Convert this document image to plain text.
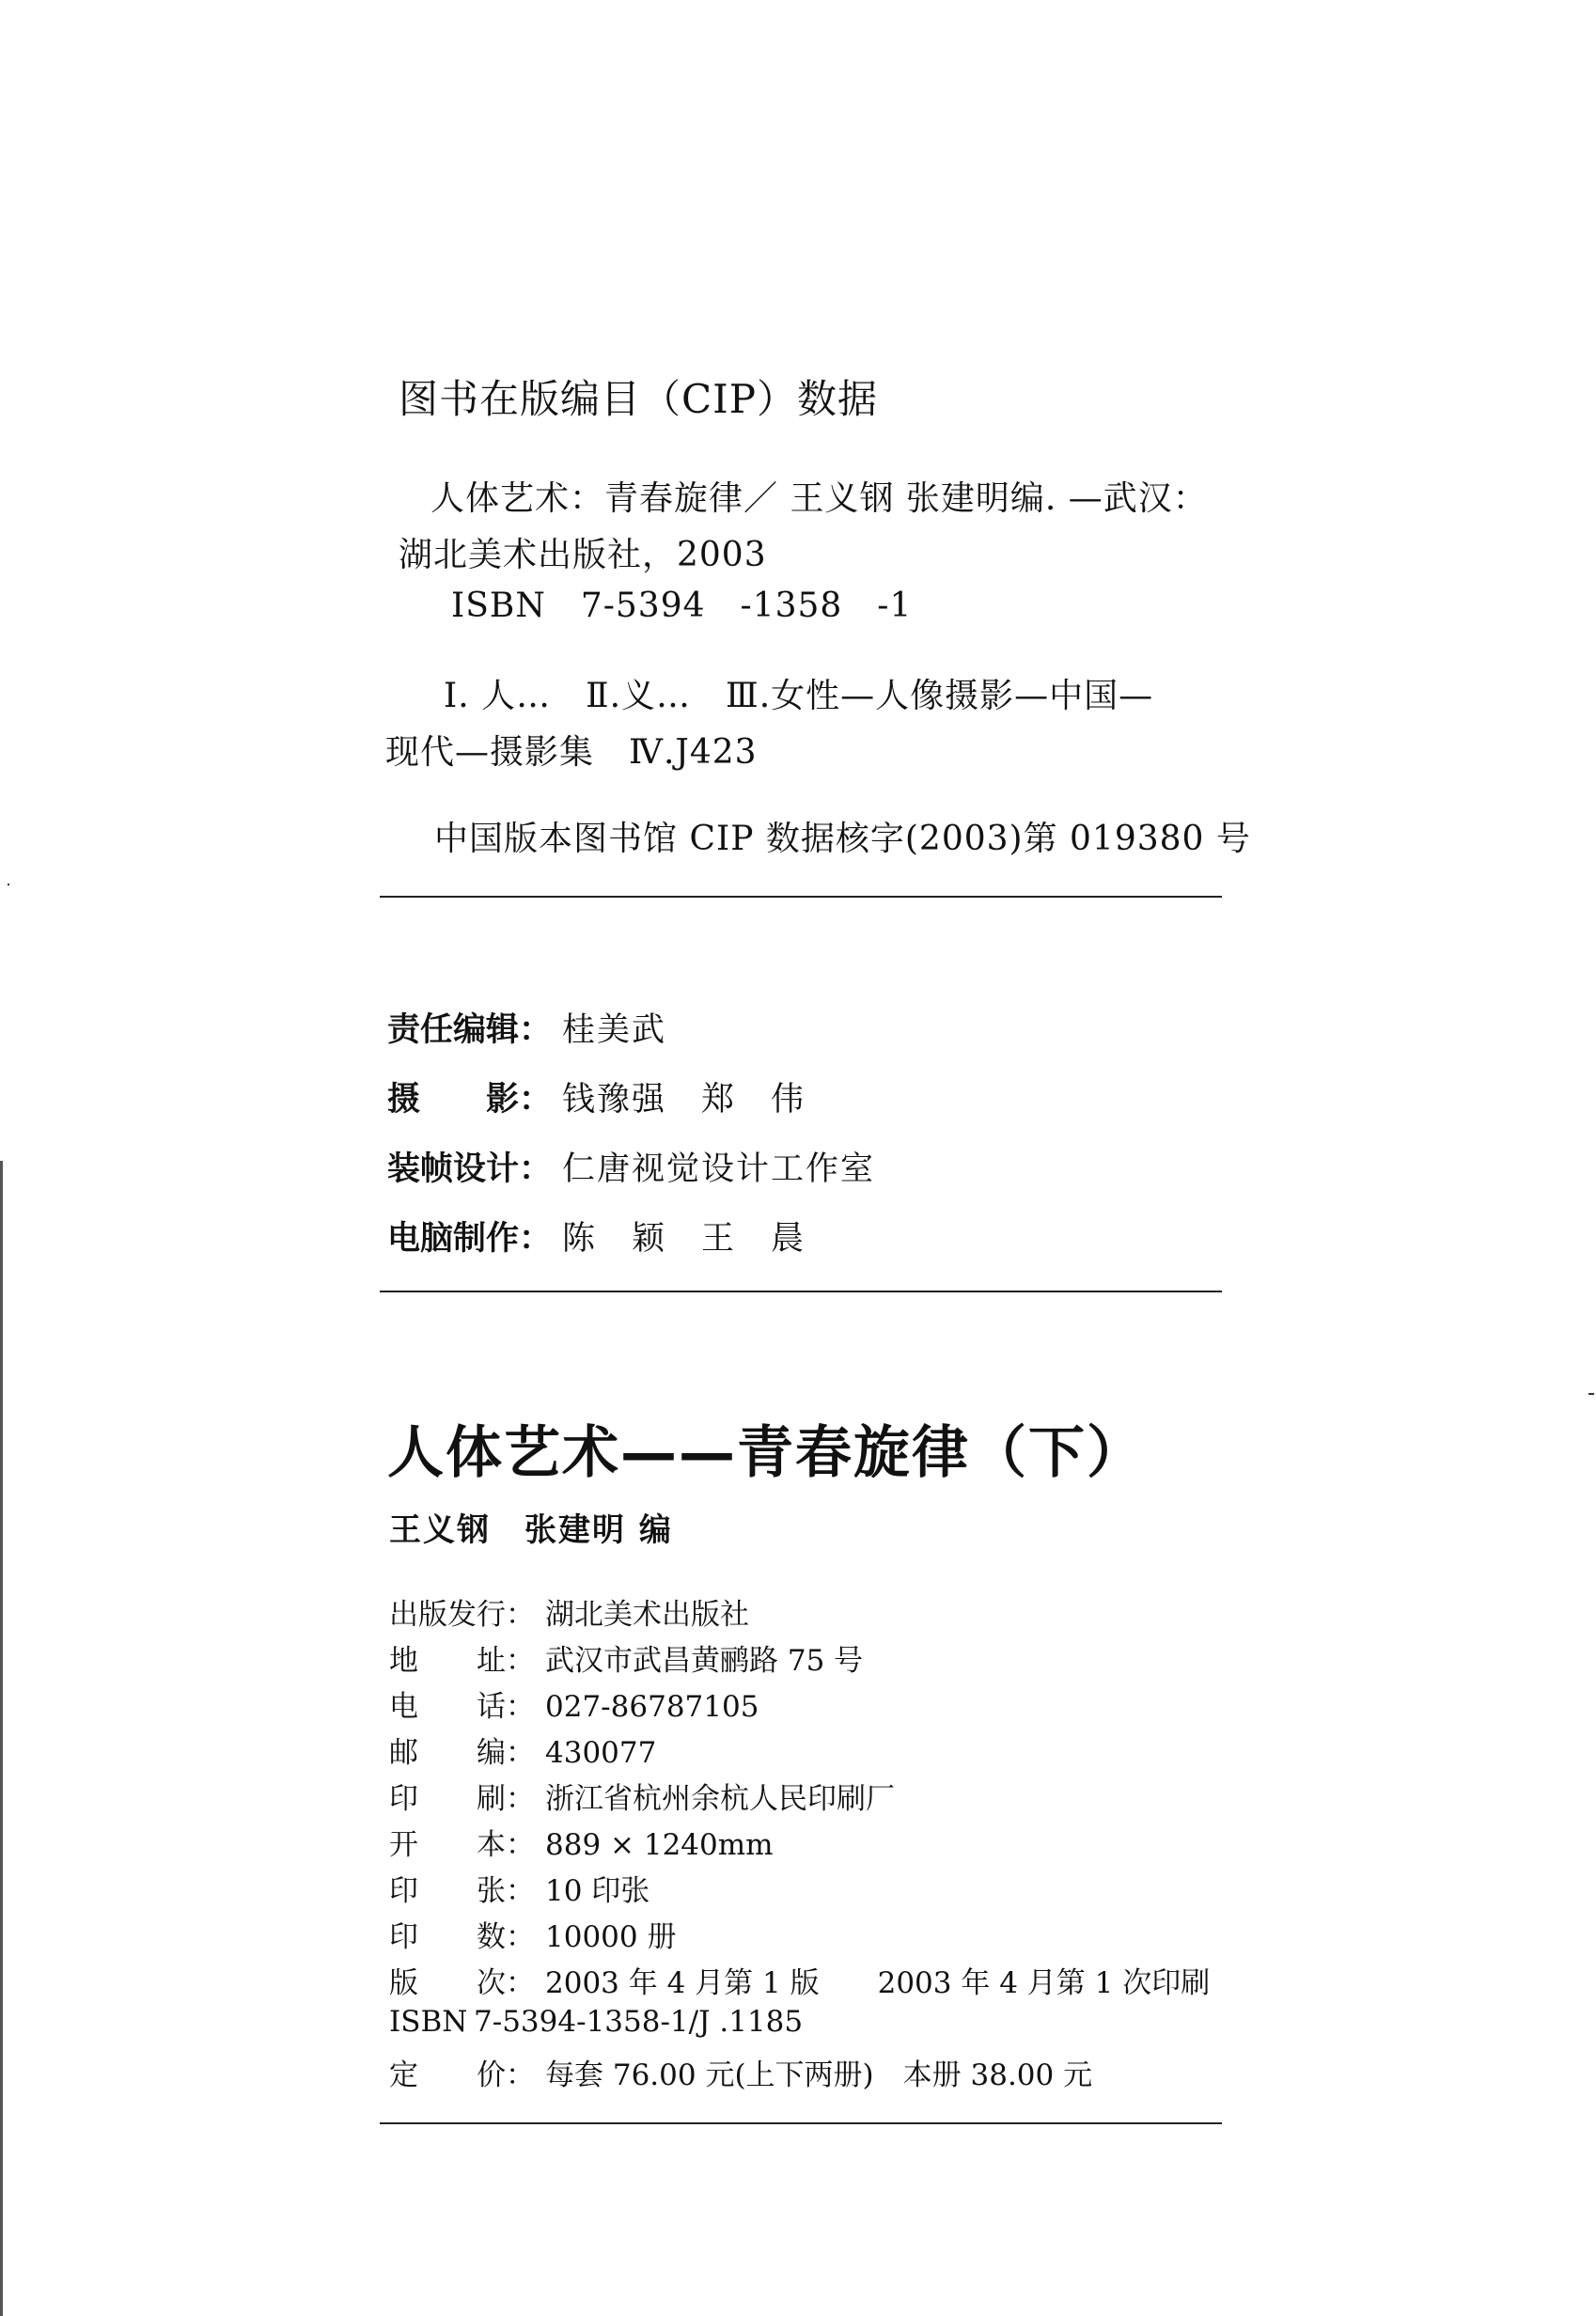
图书在版编目（CIP）数据
人体艺术：青春旋律／ 王义钢 张建明编. —武汉：
湖北美术出版社，2003
ISBN　7-5394　-1358　-1
Ⅰ. 人…　Ⅱ.义…　Ⅲ.女性—人像摄影—中国—
现代—摄影集　Ⅳ.J423
中国版本图书馆 CIP 数据核字(2003)第 019380 号
责任编辑： 桂美武
摄　　影： 钱豫强　郑　伟
装帧设计： 仁唐视觉设计工作室
电脑制作： 陈　颖　王　晨
人体艺术——青春旋律（下）
王义钢　张建明 编
出版发行： 湖北美术出版社
地　　址： 武汉市武昌黄鹂路 75 号
电　　话： 027-86787105
邮　　编： 430077
印　　刷： 浙江省杭州余杭人民印刷厂
开　　本： 889 × 1240mm
印　　张： 10 印张
印　　数： 10000 册
版　　次： 2003 年 4 月第 1 版　　2003 年 4 月第 1 次印刷
ISBN 7-5394-1358-1/J .1185
定　　价： 每套 76.00 元(上下两册)　本册 38.00 元
